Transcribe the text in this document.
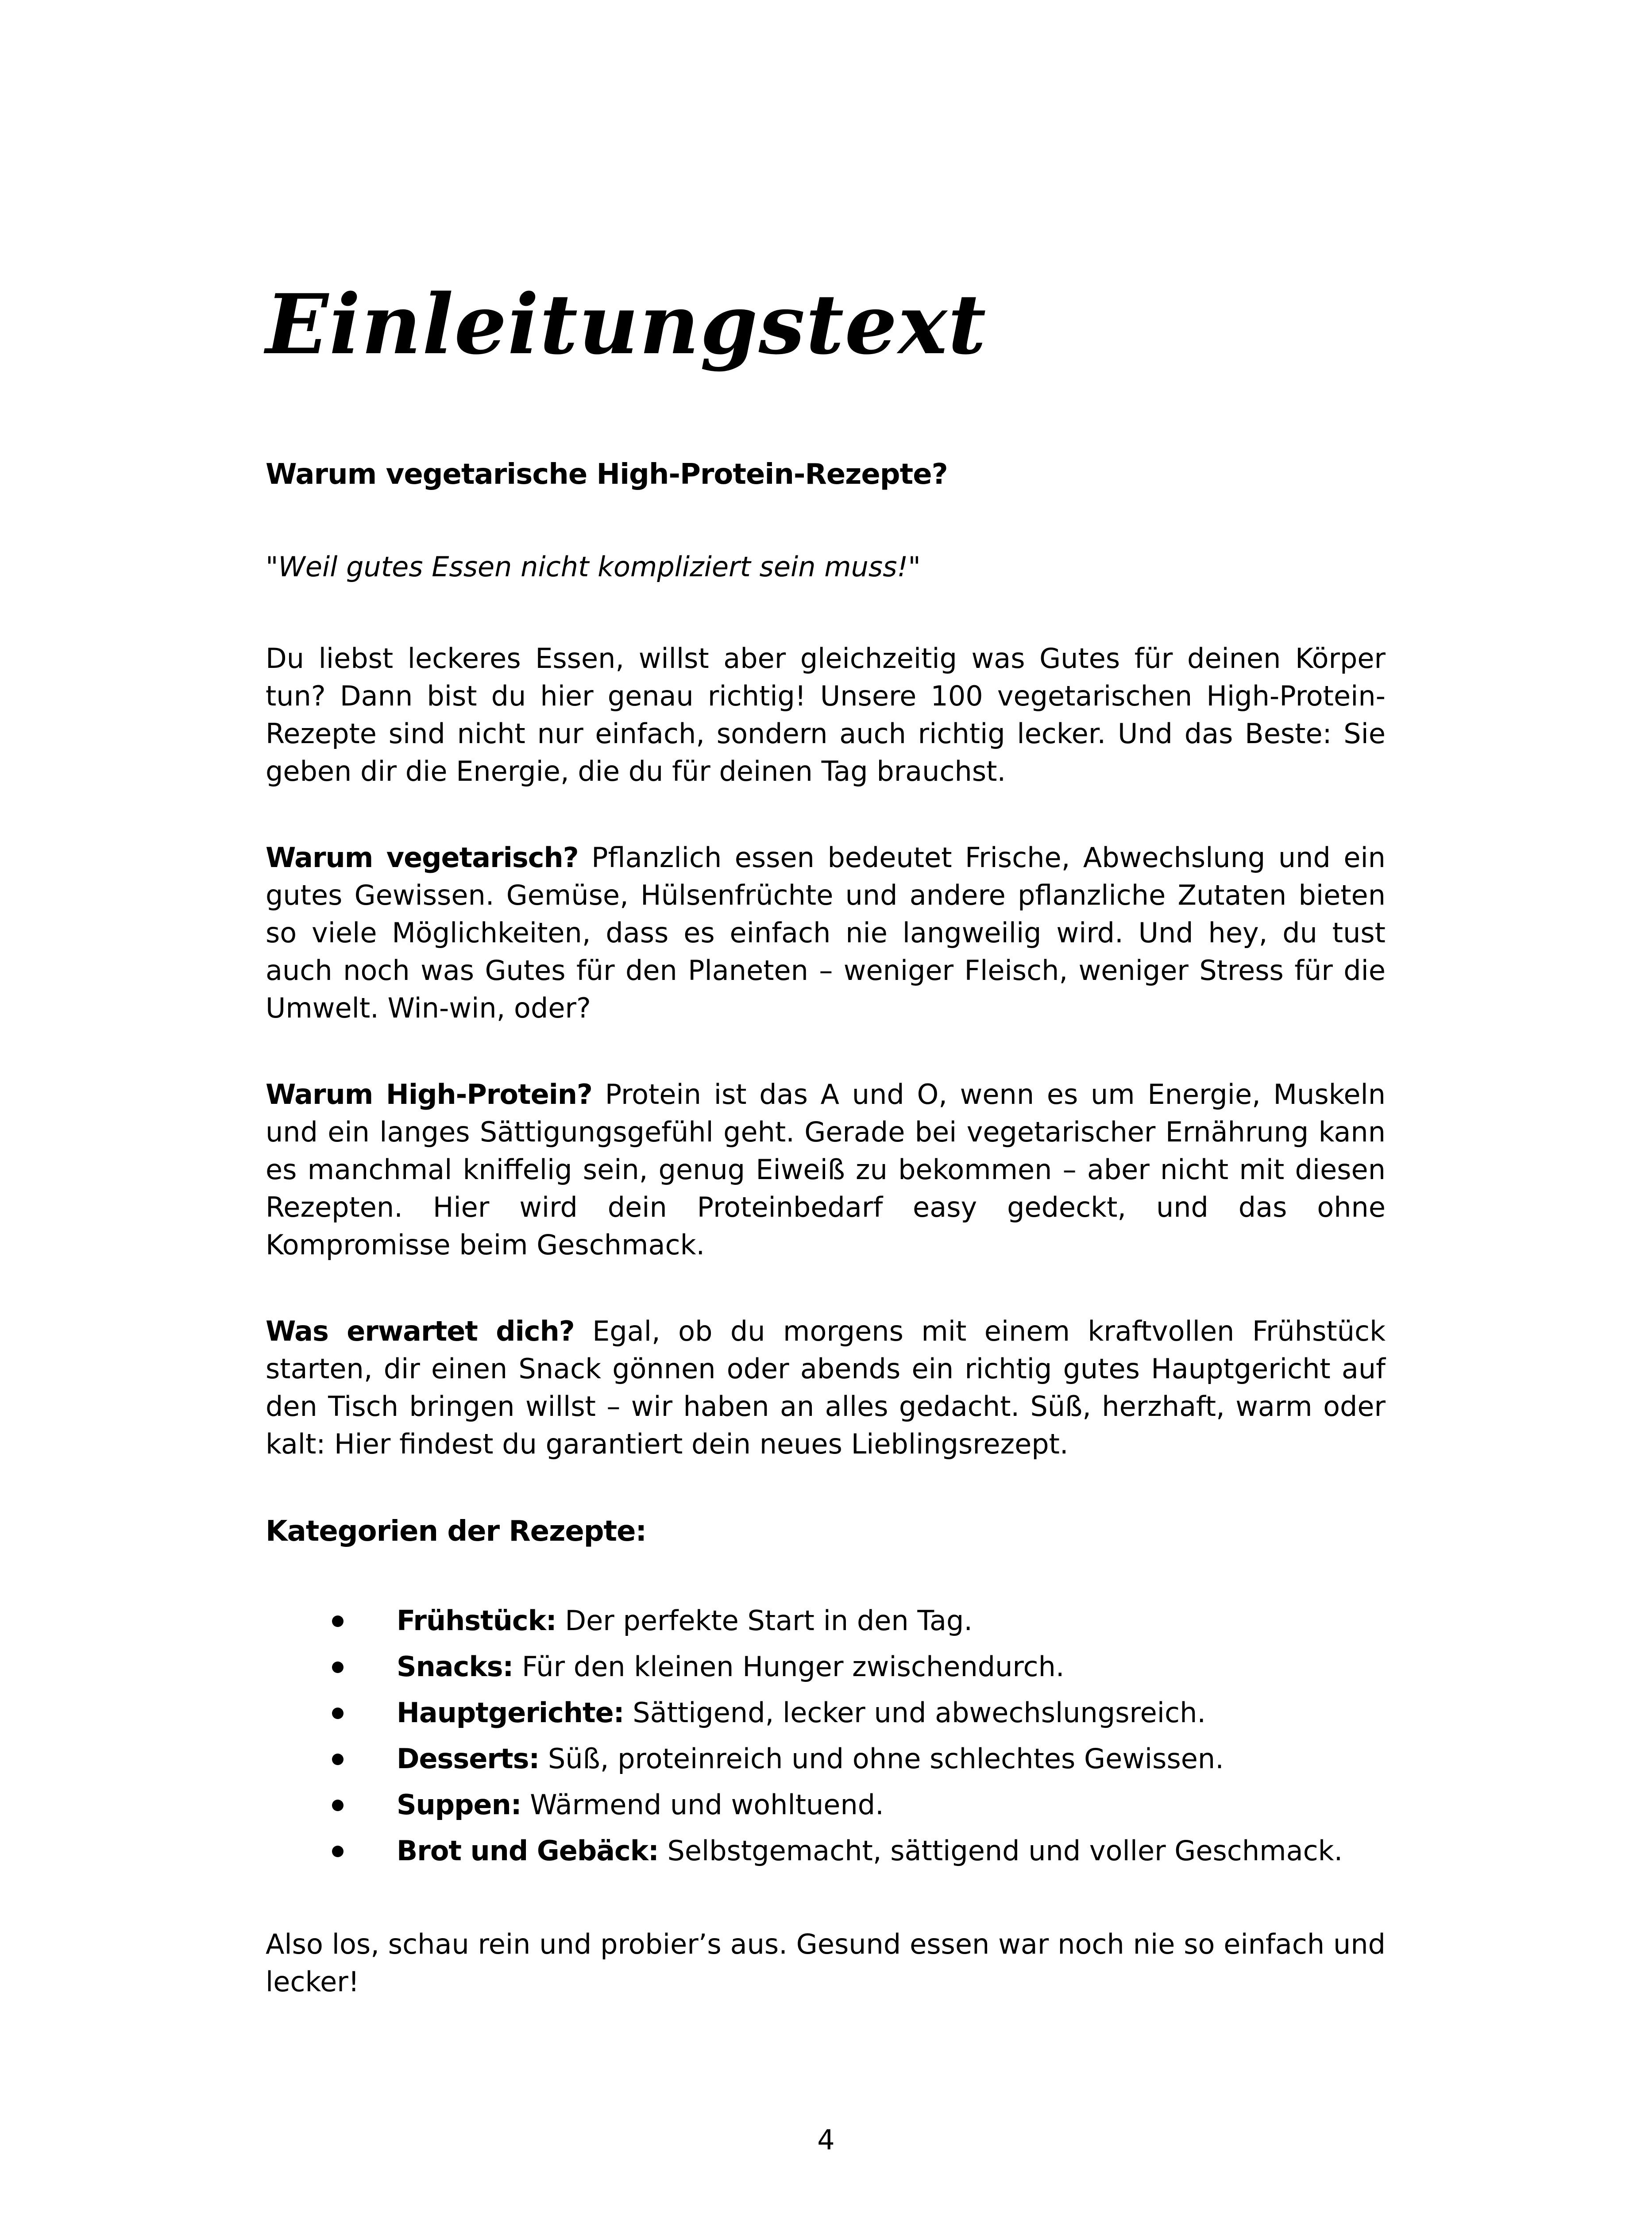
Einleitungstext

Warum vegetarische High-Protein-Rezepte?

"Weil gutes Essen nicht kompliziert sein muss!"

Du liebst leckeres Essen, willst aber gleichzeitig was Gutes für deinen Körper tun? Dann bist du hier genau richtig! Unsere 100 vegetarischen High-Protein-Rezepte sind nicht nur einfach, sondern auch richtig lecker. Und das Beste: Sie geben dir die Energie, die du für deinen Tag brauchst.

Warum vegetarisch? Pflanzlich essen bedeutet Frische, Abwechslung und ein gutes Gewissen. Gemüse, Hülsenfrüchte und andere pflanzliche Zutaten bieten so viele Möglichkeiten, dass es einfach nie langweilig wird. Und hey, du tust auch noch was Gutes für den Planeten – weniger Fleisch, weniger Stress für die Umwelt. Win-win, oder?

Warum High-Protein? Protein ist das A und O, wenn es um Energie, Muskeln und ein langes Sättigungsgefühl geht. Gerade bei vegetarischer Ernährung kann es manchmal kniffelig sein, genug Eiweiß zu bekommen – aber nicht mit diesen Rezepten. Hier wird dein Proteinbedarf easy gedeckt, und das ohne Kompromisse beim Geschmack.

Was erwartet dich? Egal, ob du morgens mit einem kraftvollen Frühstück starten, dir einen Snack gönnen oder abends ein richtig gutes Hauptgericht auf den Tisch bringen willst – wir haben an alles gedacht. Süß, herzhaft, warm oder kalt: Hier findest du garantiert dein neues Lieblingsrezept.

Kategorien der Rezepte:

Frühstück: Der perfekte Start in den Tag.
Snacks: Für den kleinen Hunger zwischendurch.
Hauptgerichte: Sättigend, lecker und abwechslungsreich.
Desserts: Süß, proteinreich und ohne schlechtes Gewissen.
Suppen: Wärmend und wohltuend.
Brot und Gebäck: Selbstgemacht, sättigend und voller Geschmack.

Also los, schau rein und probier’s aus. Gesund essen war noch nie so einfach und lecker!

4
